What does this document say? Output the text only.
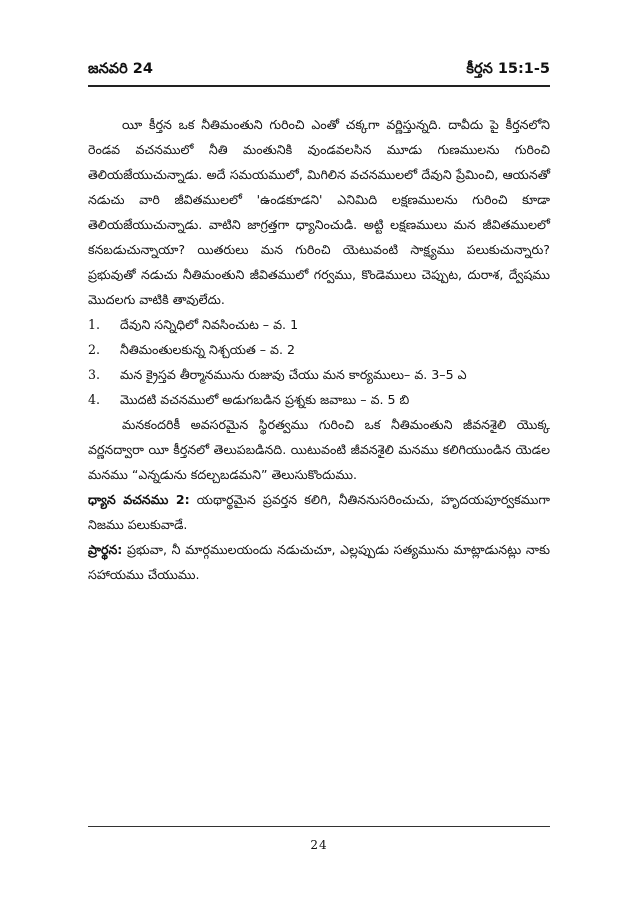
జనవరి 24	కీర్తన 15:1-5

యీ కీర్తన ఒక నీతిమంతుని గురించి ఎంతో చక్కగా వర్ణిస్తున్నది. దావీదు పై కీర్తనలోని రెండవ వచనములో నీతి మంతునికి వుండవలసిన మూడు గుణములను గురించి తెలియజేయుచున్నాడు. అదే సమయములో, మిగిలిన వచనములలో దేవుని ప్రేమించి, ఆయనతో నడుచు వారి జీవితములలో 'ఉండకూడని' ఎనిమిది లక్షణములను గురించి కూడా తెలియజేయుచున్నాడు. వాటిని జాగ్రత్తగా ధ్యానించుడి. అట్టి లక్షణములు మన జీవితములలో కనబడుచున్నాయా? యితరులు మన గురించి యెటువంటి సాక్ష్యము పలుకుచున్నారు? ప్రభువుతో నడుచు నీతిమంతుని జీవితములో గర్వము, కొండెములు చెప్పుట, దురాశ, ద్వేషము మొదలగు వాటికి తావులేదు.

1.	దేవుని సన్నిధిలో నివసించుట – వ. 1
2.	నీతిమంతులకున్న నిశ్చయత – వ. 2
3.	మన క్రైస్తవ తీర్మానమును రుజువు చేయు మన కార్యములు– వ. 3–5 ఎ
4.	మొదటి వచనములో అడుగబడిన ప్రశ్నకు జవాబు – వ. 5 బి

మనకందరికీ అవసరమైన స్థిరత్వము గురించి ఒక నీతిమంతుని జీవనశైలి యొక్క వర్ణనద్వారా యీ కీర్తనలో తెలుపబడినది. యిటువంటి జీవనశైలి మనము కలిగియుండిన యెడల మనము “ఎన్నడును కదల్చబడమని” తెలుసుకొందుము.

ధ్యాన వచనము 2: యథార్థమైన ప్రవర్తన కలిగి, నీతిననుసరించుచు, హృదయపూర్వకముగా నిజము పలుకువాడే.

ప్రార్థన: ప్రభువా, నీ మార్గములయందు నడుచుచూ, ఎల్లప్పుడు సత్యమును మాట్లాడునట్లు నాకు సహాయము చేయుము.

24
